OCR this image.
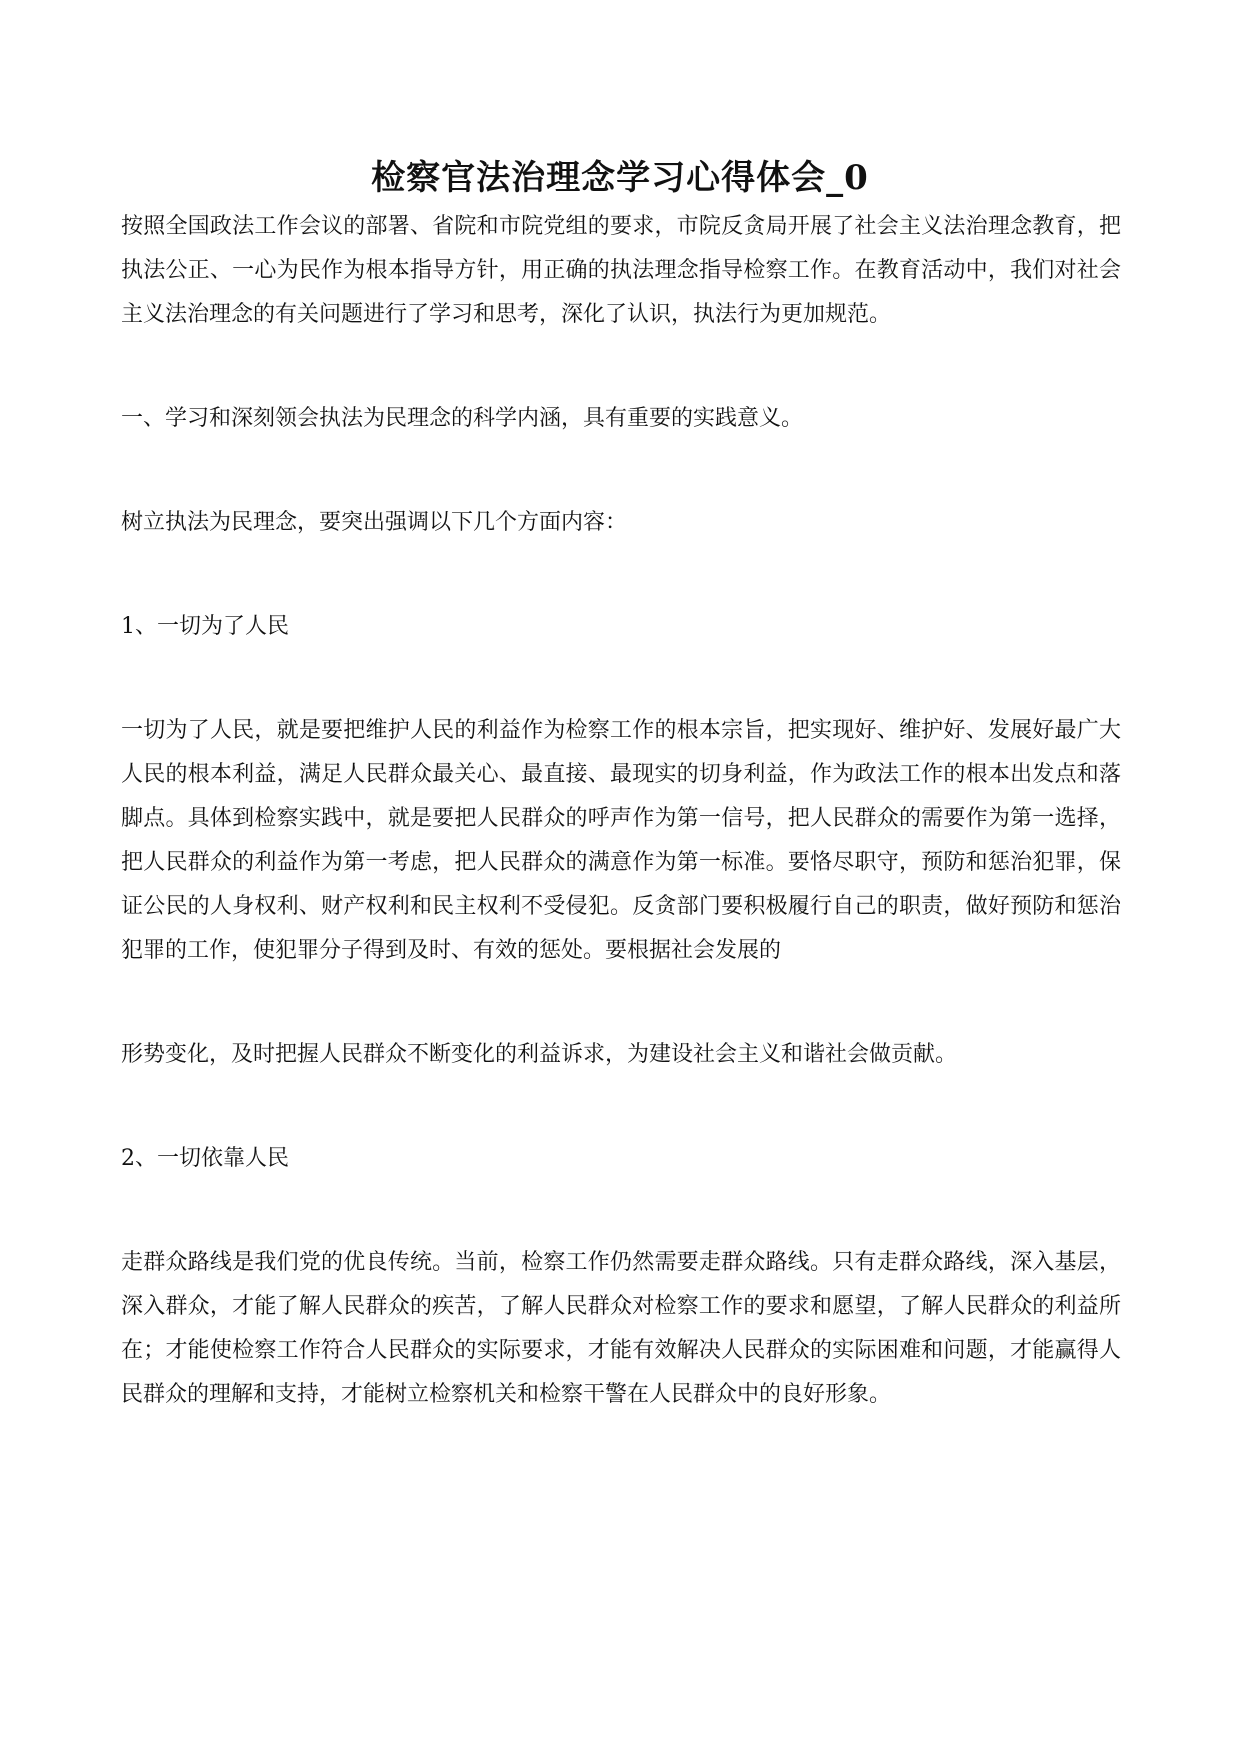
检察官法治理念学习心得体会_0

按照全国政法工作会议的部署、省院和市院党组的要求，市院反贪局开展了社会主义法治理念教育，把执法公正、一心为民作为根本指导方针，用正确的执法理念指导检察工作。在教育活动中，我们对社会主义法治理念的有关问题进行了学习和思考，深化了认识，执法行为更加规范。

一、学习和深刻领会执法为民理念的科学内涵，具有重要的实践意义。

树立执法为民理念，要突出强调以下几个方面内容：

1、一切为了人民

一切为了人民，就是要把维护人民的利益作为检察工作的根本宗旨，把实现好、维护好、发展好最广大人民的根本利益，满足人民群众最关心、最直接、最现实的切身利益，作为政法工作的根本出发点和落脚点。具体到检察实践中，就是要把人民群众的呼声作为第一信号，把人民群众的需要作为第一选择，把人民群众的利益作为第一考虑，把人民群众的满意作为第一标准。要恪尽职守，预防和惩治犯罪，保证公民的人身权利、财产权利和民主权利不受侵犯。反贪部门要积极履行自己的职责，做好预防和惩治犯罪的工作，使犯罪分子得到及时、有效的惩处。要根据社会发展的

形势变化，及时把握人民群众不断变化的利益诉求，为建设社会主义和谐社会做贡献。

2、一切依靠人民

走群众路线是我们党的优良传统。当前，检察工作仍然需要走群众路线。只有走群众路线，深入基层，深入群众，才能了解人民群众的疾苦，了解人民群众对检察工作的要求和愿望，了解人民群众的利益所在；才能使检察工作符合人民群众的实际要求，才能有效解决人民群众的实际困难和问题，才能赢得人民群众的理解和支持，才能树立检察机关和检察干警在人民群众中的良好形象。
